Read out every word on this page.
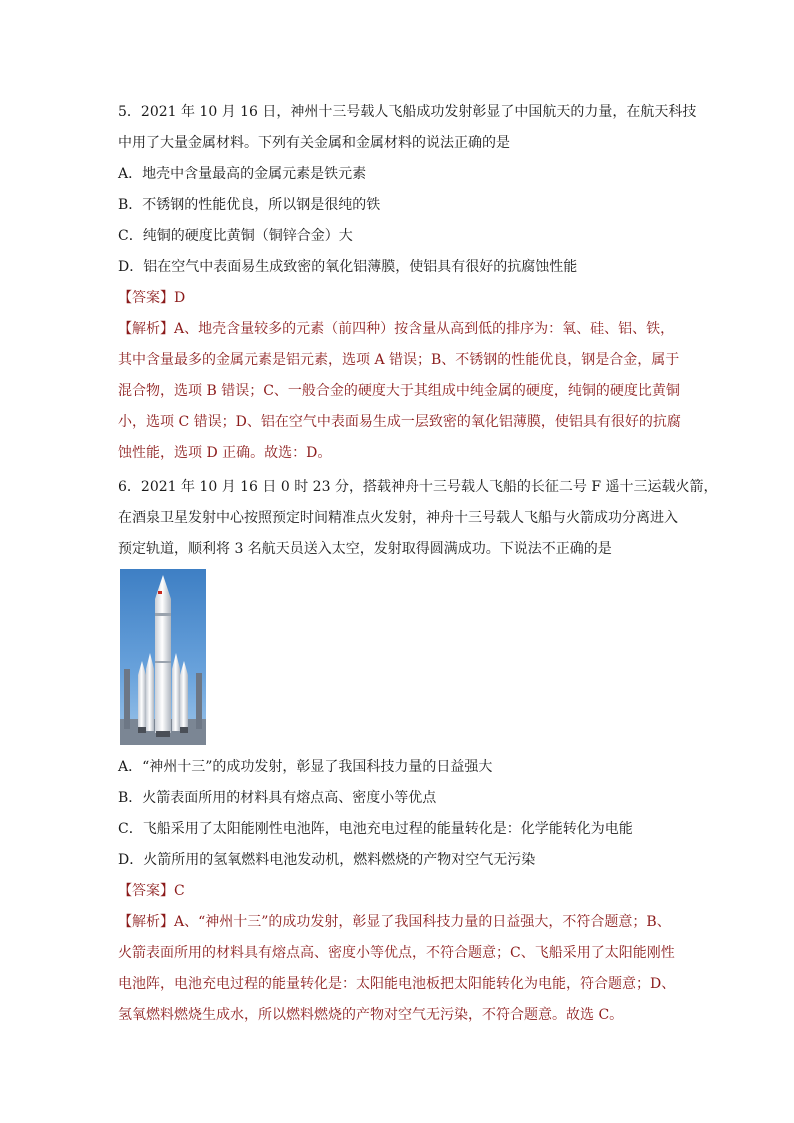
5．2021 年 10 月 16 日，神州十三号载人飞船成功发射彰显了中国航天的力量，在航天科技
中用了大量金属材料。下列有关金属和金属材料的说法正确的是
A．地壳中含量最高的金属元素是铁元素
B．不锈钢的性能优良，所以钢是很纯的铁
C．纯铜的硬度比黄铜（铜锌合金）大
D．铝在空气中表面易生成致密的氧化铝薄膜，使铝具有很好的抗腐蚀性能
【答案】D
【解析】A、地壳含量较多的元素（前四种）按含量从高到低的排序为：氧、硅、铝、铁，
其中含量最多的金属元素是铝元素，选项 A 错误；B、不锈钢的性能优良，钢是合金，属于
混合物，选项 B 错误；C、一般合金的硬度大于其组成中纯金属的硬度，纯铜的硬度比黄铜
小，选项 C 错误；D、铝在空气中表面易生成一层致密的氧化铝薄膜，使铝具有很好的抗腐
蚀性能，选项 D 正确。故选：D。
6．2021 年 10 月 16 日 0 时 23 分，搭载神舟十三号载人飞船的长征二号 F 遥十三运载火箭，
在酒泉卫星发射中心按照预定时间精准点火发射，神舟十三号载人飞船与火箭成功分离进入
预定轨道，顺利将 3 名航天员送入太空，发射取得圆满成功。下说法不正确的是
A．“神州十三”的成功发射，彰显了我国科技力量的日益强大
B．火箭表面所用的材料具有熔点高、密度小等优点
C．飞船采用了太阳能刚性电池阵，电池充电过程的能量转化是：化学能转化为电能
D．火箭所用的氢氧燃料电池发动机，燃料燃烧的产物对空气无污染
【答案】C
【解析】A、“神州十三”的成功发射，彰显了我国科技力量的日益强大，不符合题意；B、
火箭表面所用的材料具有熔点高、密度小等优点，不符合题意；C、飞船采用了太阳能刚性
电池阵，电池充电过程的能量转化是：太阳能电池板把太阳能转化为电能，符合题意；D、
氢氧燃料燃烧生成水，所以燃料燃烧的产物对空气无污染，不符合题意。故选 C。
